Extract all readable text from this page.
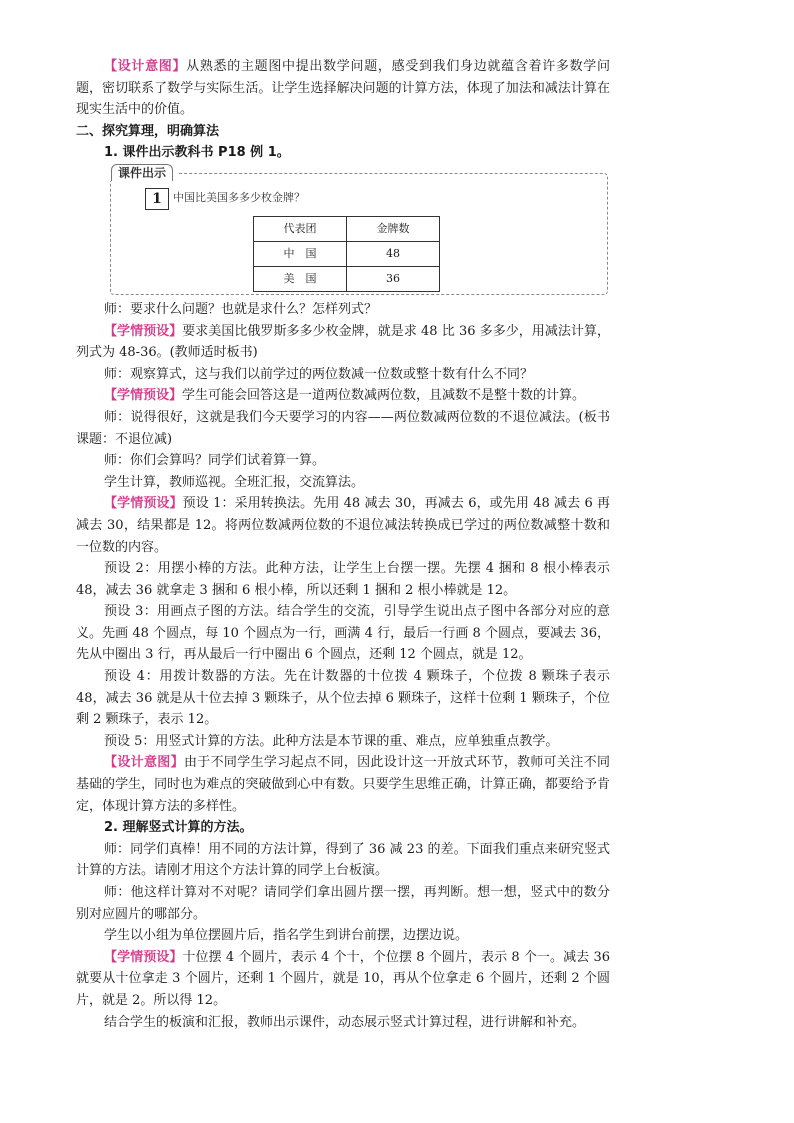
【设计意图】从熟悉的主题图中提出数学问题，感受到我们身边就蕴含着许多数学问题，密切联系了数学与实际生活。让学生选择解决问题的计算方法，体现了加法和减法计算在现实生活中的价值。

二、探究算理，明确算法

1. 课件出示教科书 P18 例 1。

课件出示
1	中国比美国多多少枚金牌？
代表团	金牌数
中　国	48
美　国	36

师：要求什么问题？也就是求什么？怎样列式？

【学情预设】要求美国比俄罗斯多多少枚金牌，就是求 48 比 36 多多少，用减法计算，列式为 48-36。(教师适时板书)

师：观察算式，这与我们以前学过的两位数减一位数或整十数有什么不同？

【学情预设】学生可能会回答这是一道两位数减两位数，且减数不是整十数的计算。

师：说得很好，这就是我们今天要学习的内容——两位数减两位数的不退位减法。(板书课题：不退位减)

师：你们会算吗？同学们试着算一算。

学生计算，教师巡视。全班汇报，交流算法。

【学情预设】预设 1：采用转换法。先用 48 减去 30，再减去 6，或先用 48 减去 6 再减去 30，结果都是 12。将两位数减两位数的不退位减法转换成已学过的两位数减整十数和一位数的内容。

预设 2：用摆小棒的方法。此种方法，让学生上台摆一摆。先摆 4 捆和 8 根小棒表示 48，减去 36 就拿走 3 捆和 6 根小棒，所以还剩 1 捆和 2 根小棒就是 12。

预设 3：用画点子图的方法。结合学生的交流，引导学生说出点子图中各部分对应的意义。先画 48 个圆点，每 10 个圆点为一行，画满 4 行，最后一行画 8 个圆点，要减去 36，先从中圈出 3 行，再从最后一行中圈出 6 个圆点，还剩 12 个圆点，就是 12。

预设 4：用拨计数器的方法。先在计数器的十位拨 4 颗珠子，个位拨 8 颗珠子表示 48，减去 36 就是从十位去掉 3 颗珠子，从个位去掉 6 颗珠子，这样十位剩 1 颗珠子，个位剩 2 颗珠子，表示 12。

预设 5：用竖式计算的方法。此种方法是本节课的重、难点，应单独重点教学。

【设计意图】由于不同学生学习起点不同，因此设计这一开放式环节，教师可关注不同基础的学生，同时也为难点的突破做到心中有数。只要学生思维正确，计算正确，都要给予肯定，体现计算方法的多样性。

2. 理解竖式计算的方法。

师：同学们真棒！用不同的方法计算，得到了 36 减 23 的差。下面我们重点来研究竖式计算的方法。请刚才用这个方法计算的同学上台板演。

师：他这样计算对不对呢？请同学们拿出圆片摆一摆，再判断。想一想，竖式中的数分别对应圆片的哪部分。

学生以小组为单位摆圆片后，指名学生到讲台前摆，边摆边说。

【学情预设】十位摆 4 个圆片，表示 4 个十，个位摆 8 个圆片，表示 8 个一。减去 36 就要从十位拿走 3 个圆片，还剩 1 个圆片，就是 10，再从个位拿走 6 个圆片，还剩 2 个圆片，就是 2。所以得 12。

结合学生的板演和汇报，教师出示课件，动态展示竖式计算过程，进行讲解和补充。
